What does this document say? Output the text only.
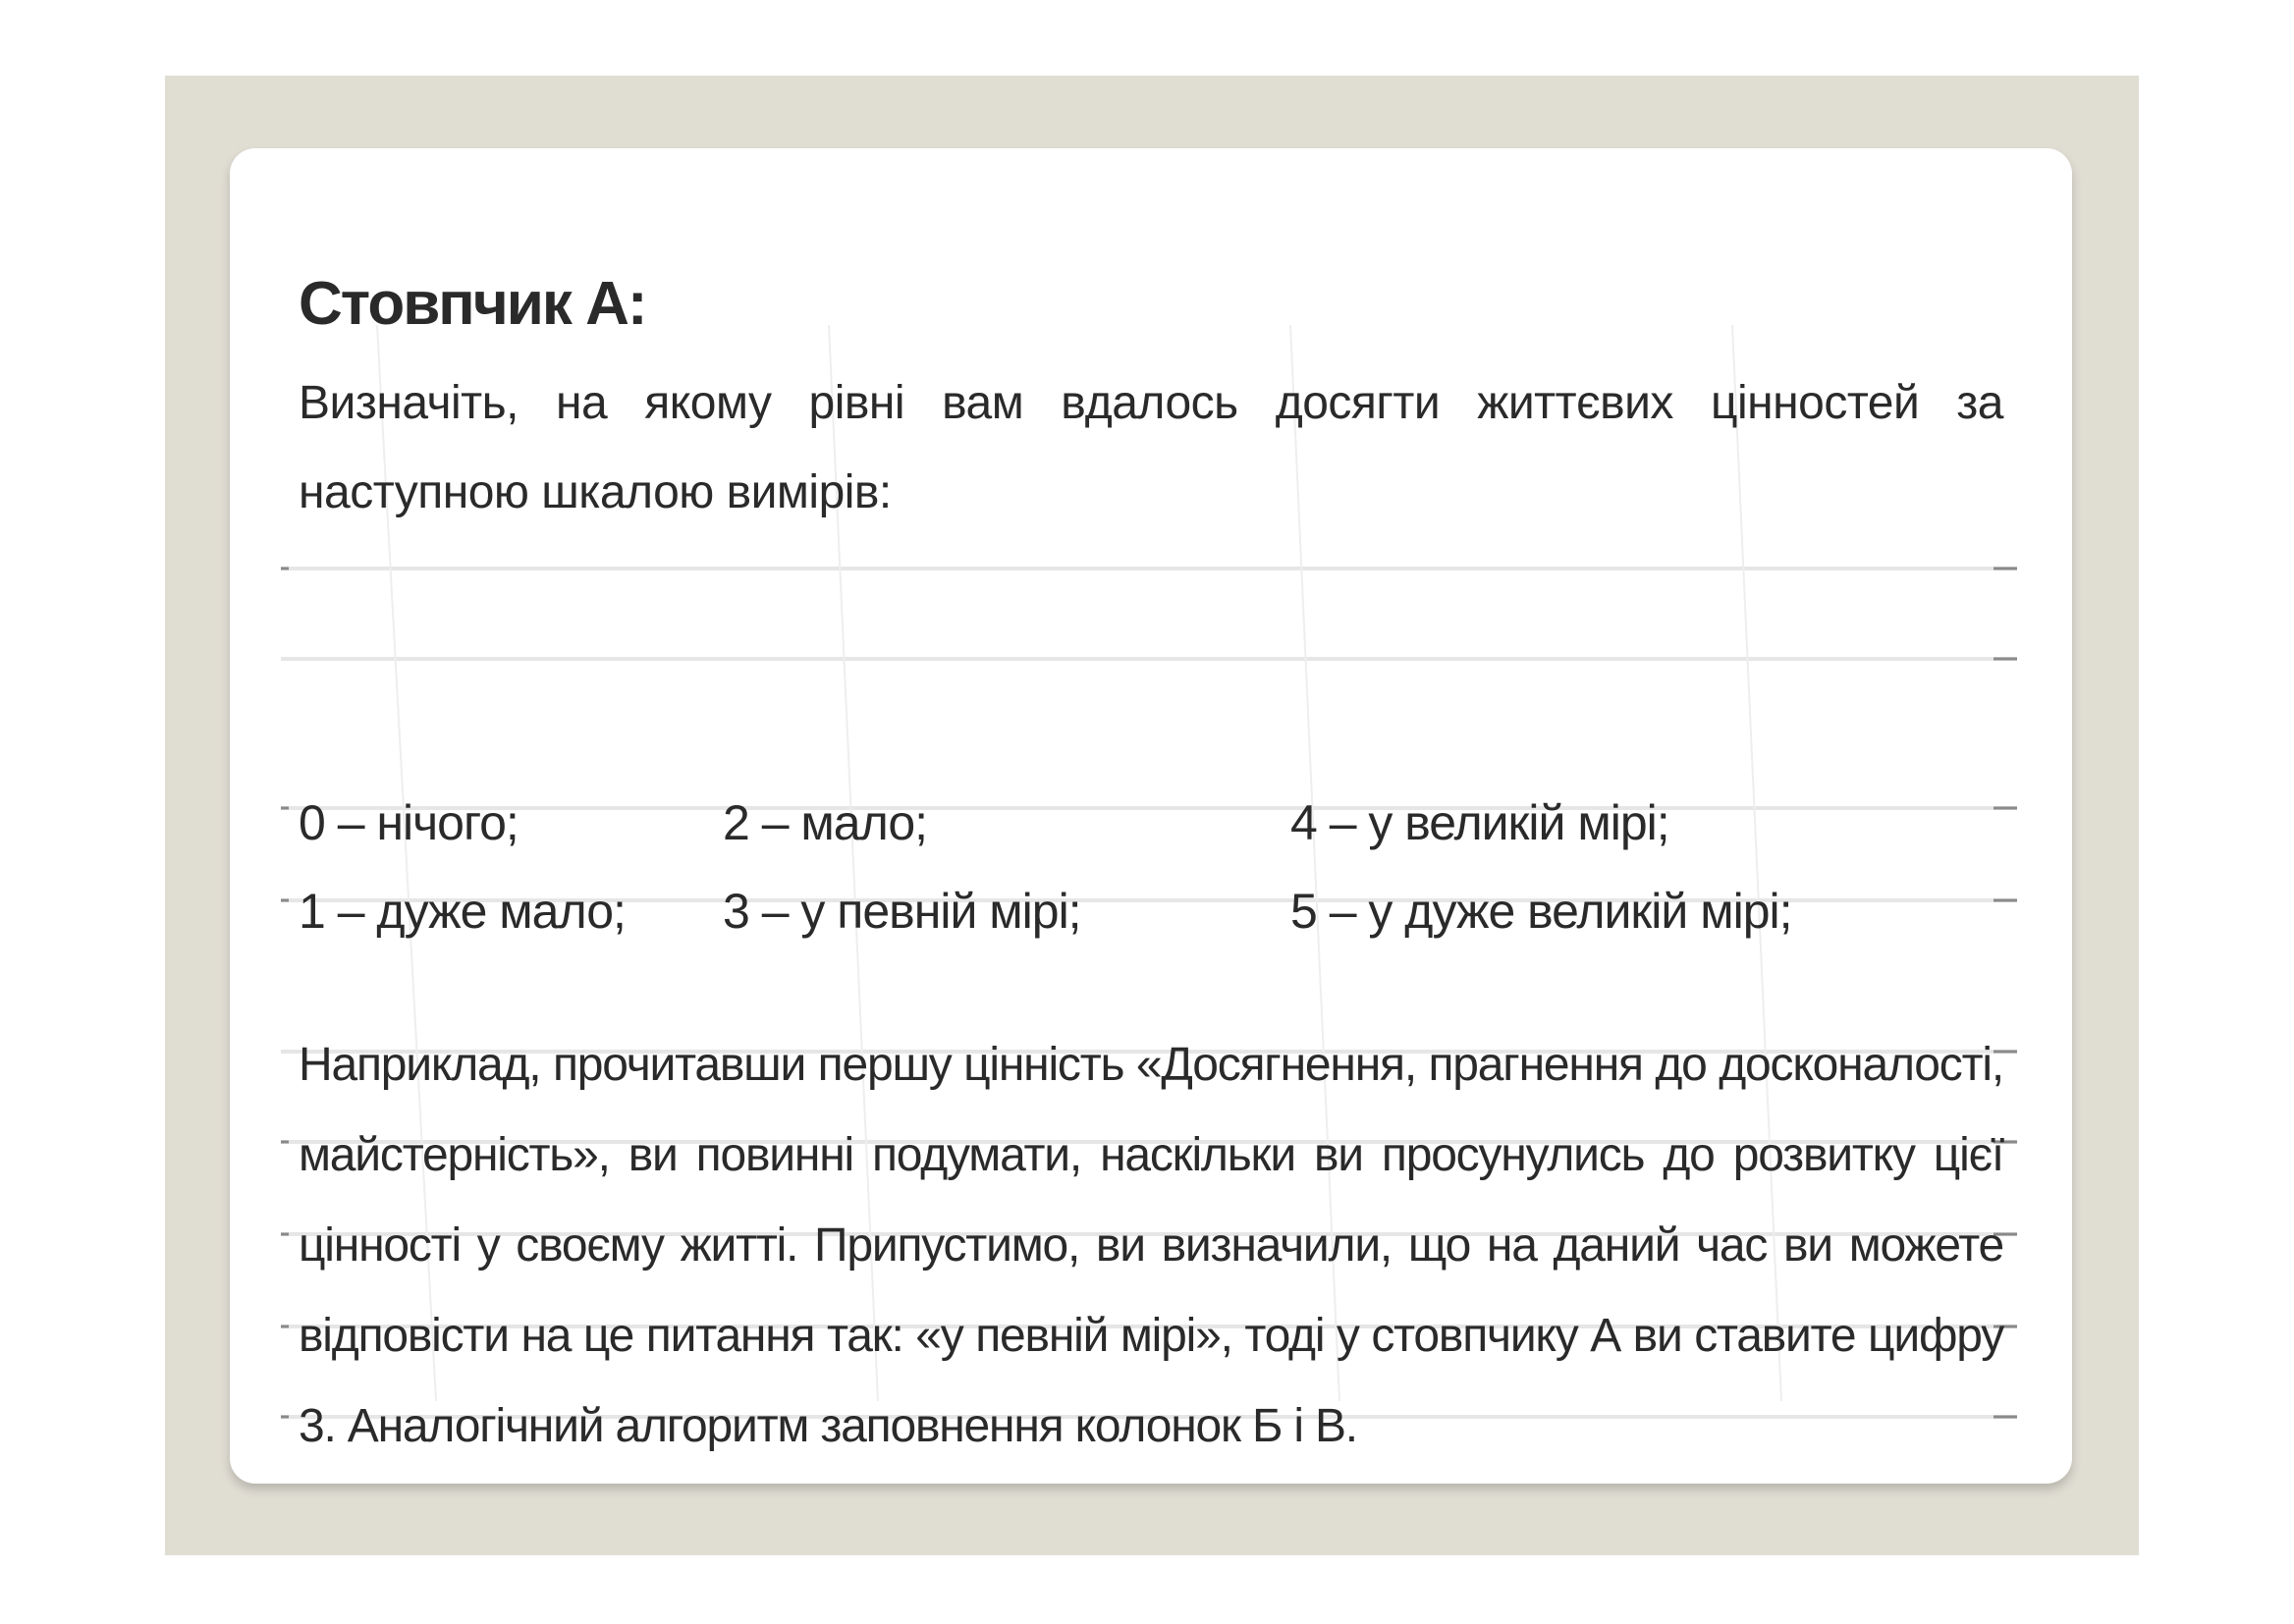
Стовпчик А:

Визначіть, на якому рівні вам вдалось досягти життєвих цінностей за наступною шкалою вимірів:

0 – нічого;
1 – дуже мало;
2 – мало;
3 – у певній мірі;
4 – у великій мірі;
5 – у дуже великій мірі;

Наприклад, прочитавши першу цінність «Досягнення, прагнення до досконалості, майстерність», ви повинні подумати, наскільки ви просунулись до розвитку цієї цінності у своєму житті. Припустимо, ви визначили, що на даний час ви можете відповісти на це питання так: «у певній мірі», тоді у стовпчику А ви ставите цифру 3. Аналогічний алгоритм заповнення колонок Б і В.
